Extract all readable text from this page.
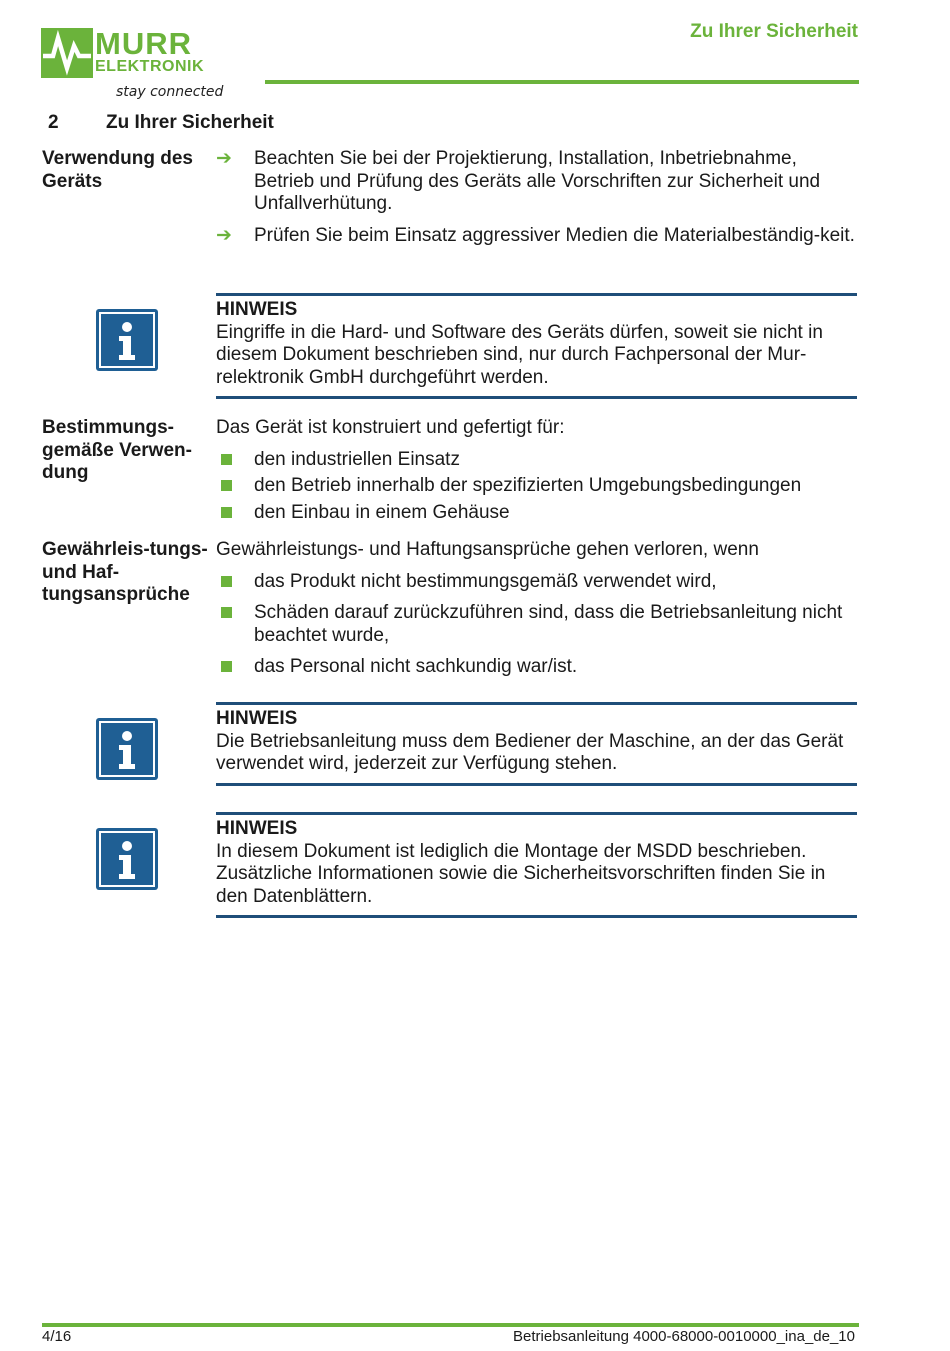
MURR
ELEKTRONIK
stay connected
Zu Ihrer Sicherheit
2 Zu Ihrer Sicherheit
Verwendung des Geräts
➔ Beachten Sie bei der Projektierung, Installation, Inbetriebnahme, Betrieb und Prüfung des Geräts alle Vorschriften zur Sicherheit und Unfallverhütung.
➔ Prüfen Sie beim Einsatz aggressiver Medien die Materialbeständig-keit.
HINWEIS
Eingriffe in die Hard- und Software des Geräts dürfen, soweit sie nicht in diesem Dokument beschrieben sind, nur durch Fachpersonal der Mur-relektronik GmbH durchgeführt werden.
Bestimmungs-gemäße Verwen-dung
Das Gerät ist konstruiert und gefertigt für:
den industriellen Einsatz
den Betrieb innerhalb der spezifizierten Umgebungsbedingungen
den Einbau in einem Gehäuse
Gewährleis-tungs- und Haf-tungsansprüche
Gewährleistungs- und Haftungsansprüche gehen verloren, wenn
das Produkt nicht bestimmungsgemäß verwendet wird,
Schäden darauf zurückzuführen sind, dass die Betriebsanleitung nicht beachtet wurde,
das Personal nicht sachkundig war/ist.
HINWEIS
Die Betriebsanleitung muss dem Bediener der Maschine, an der das Gerät verwendet wird, jederzeit zur Verfügung stehen.
HINWEIS
In diesem Dokument ist lediglich die Montage der MSDD beschrieben. Zusätzliche Informationen sowie die Sicherheitsvorschriften finden Sie in den Datenblättern.
4/16	Betriebsanleitung 4000-68000-0010000_ina_de_10
